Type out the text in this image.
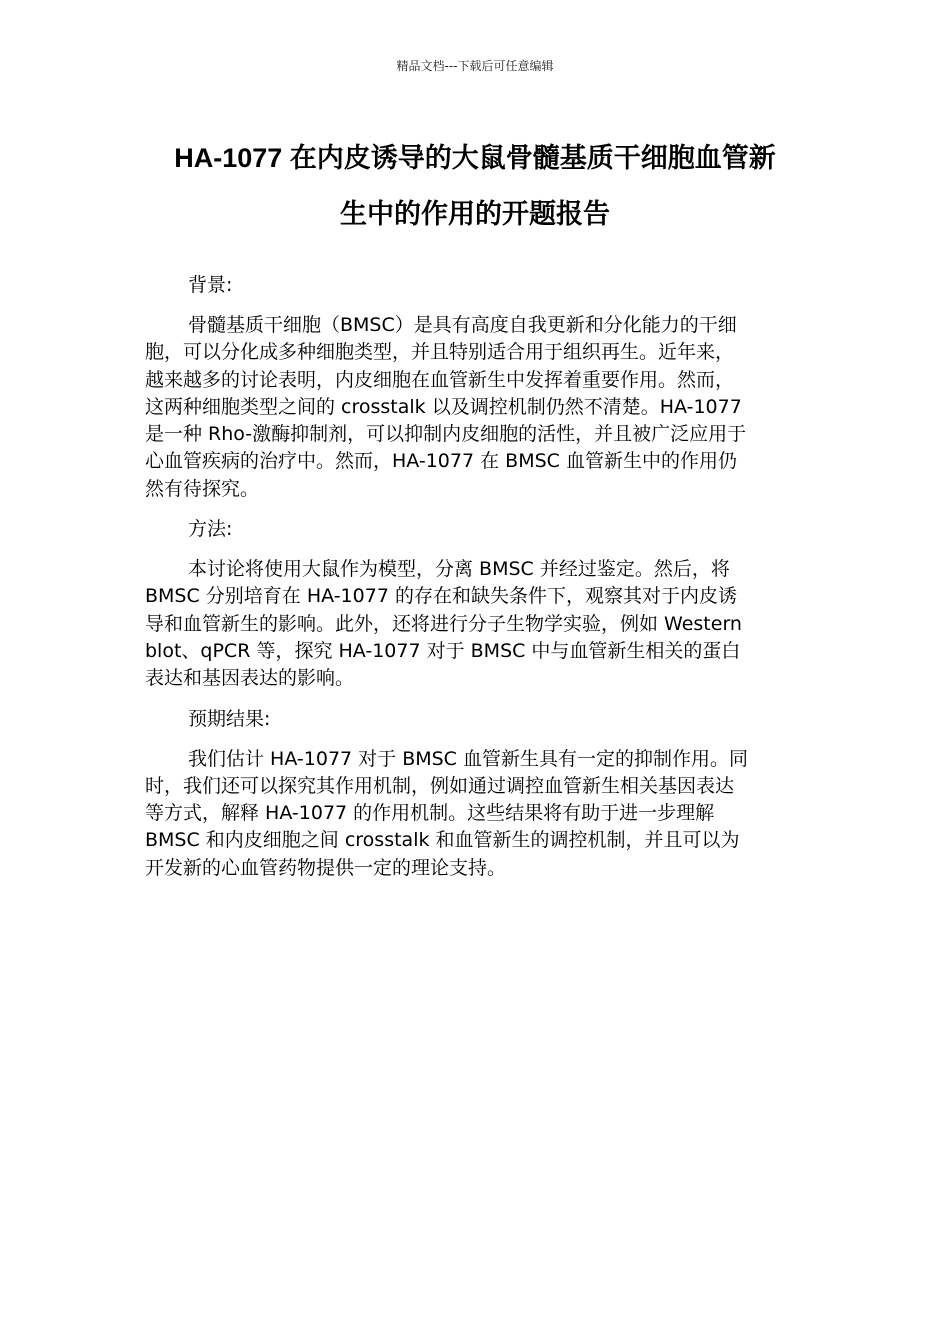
精品文档---下载后可任意编辑
HA-1077 在内皮诱导的大鼠骨髓基质干细胞血管新
生中的作用的开题报告

背景:

骨髓基质干细胞（BMSC）是具有高度自我更新和分化能力的干细
胞，可以分化成多种细胞类型，并且特别适合用于组织再生。近年来，
越来越多的讨论表明，内皮细胞在血管新生中发挥着重要作用。然而，
这两种细胞类型之间的 crosstalk 以及调控机制仍然不清楚。HA-1077
是一种 Rho-激酶抑制剂，可以抑制内皮细胞的活性，并且被广泛应用于
心血管疾病的治疗中。然而，HA-1077 在 BMSC 血管新生中的作用仍
然有待探究。

方法:

本讨论将使用大鼠作为模型，分离 BMSC 并经过鉴定。然后，将
BMSC 分别培育在 HA-1077 的存在和缺失条件下，观察其对于内皮诱
导和血管新生的影响。此外，还将进行分子生物学实验，例如 Western
blot、qPCR 等，探究 HA-1077 对于 BMSC 中与血管新生相关的蛋白
表达和基因表达的影响。

预期结果:

我们估计 HA-1077 对于 BMSC 血管新生具有一定的抑制作用。同
时，我们还可以探究其作用机制，例如通过调控血管新生相关基因表达
等方式，解释 HA-1077 的作用机制。这些结果将有助于进一步理解
BMSC 和内皮细胞之间 crosstalk 和血管新生的调控机制，并且可以为
开发新的心血管药物提供一定的理论支持。
